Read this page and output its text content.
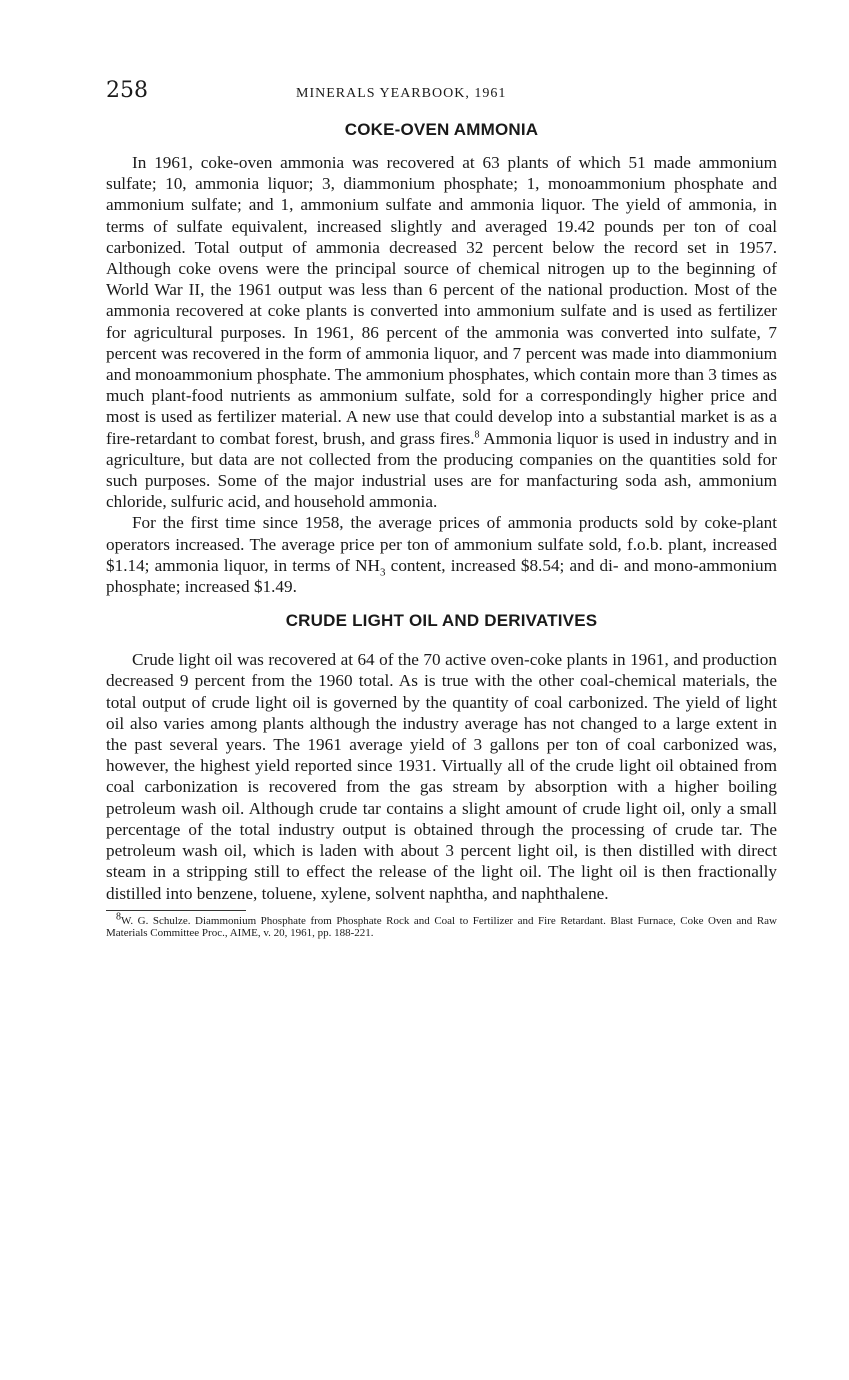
258	MINERALS YEARBOOK, 1961
COKE-OVEN AMMONIA

In 1961, coke-oven ammonia was recovered at 63 plants of which 51 made ammonium sulfate; 10, ammonia liquor; 3, diammonium phosphate; 1, monoammonium phosphate and ammonium sulfate; and 1, ammonium sulfate and ammonia liquor. The yield of ammonia, in terms of sulfate equivalent, increased slightly and averaged 19.42 pounds per ton of coal carbonized. Total output of ammonia decreased 32 percent below the record set in 1957. Although coke ovens were the principal source of chemical nitrogen up to the beginning of World War II, the 1961 output was less than 6 percent of the national production. Most of the ammonia recovered at coke plants is converted into ammonium sulfate and is used as fertilizer for agricultural purposes. In 1961, 86 percent of the ammonia was converted into sulfate, 7 percent was recovered in the form of ammonia liquor, and 7 percent was made into diammonium and monoammonium phosphate. The ammonium phosphates, which contain more than 3 times as much plant-food nutrients as ammonium sulfate, sold for a correspondingly higher price and most is used as fertilizer material. A new use that could develop into a substantial market is as a fire-retardant to combat forest, brush, and grass fires.$^8$ Ammonia liquor is used in industry and in agriculture, but data are not collected from the producing companies on the quantities sold for such purposes. Some of the major industrial uses are for manfacturing soda ash, ammonium chloride, sulfuric acid, and household ammonia.

For the first time since 1958, the average prices of ammonia products sold by coke-plant operators increased. The average price per ton of ammonium sulfate sold, f.o.b. plant, increased $1.14; ammonia liquor, in terms of $NH_3$ content, increased $8.54; and di- and mono-ammonium phosphate; increased $1.49.

CRUDE LIGHT OIL AND DERIVATIVES

Crude light oil was recovered at 64 of the 70 active oven-coke plants in 1961, and production decreased 9 percent from the 1960 total. As is true with the other coal-chemical materials, the total output of crude light oil is governed by the quantity of coal carbonized. The yield of light oil also varies among plants although the industry average has not changed to a large extent in the past several years. The 1961 average yield of 3 gallons per ton of coal carbonized was, however, the highest yield reported since 1931. Virtually all of the crude light oil obtained from coal carbonization is recovered from the gas stream by absorption with a higher boiling petroleum wash oil. Although crude tar contains a slight amount of crude light oil, only a small percentage of the total industry output is obtained through the processing of crude tar. The petroleum wash oil, which is laden with about 3 percent light oil, is then distilled with direct steam in a stripping still to effect the release of the light oil. The light oil is then fractionally distilled into benzene, toluene, xylene, solvent naphtha, and naphthalene.

$^8$W. G. Schulze. Diammonium Phosphate from Phosphate Rock and Coal to Fertilizer and Fire Retardant. Blast Furnace, Coke Oven and Raw Materials Committee Proc., AIME, v. 20, 1961, pp. 188-221.
